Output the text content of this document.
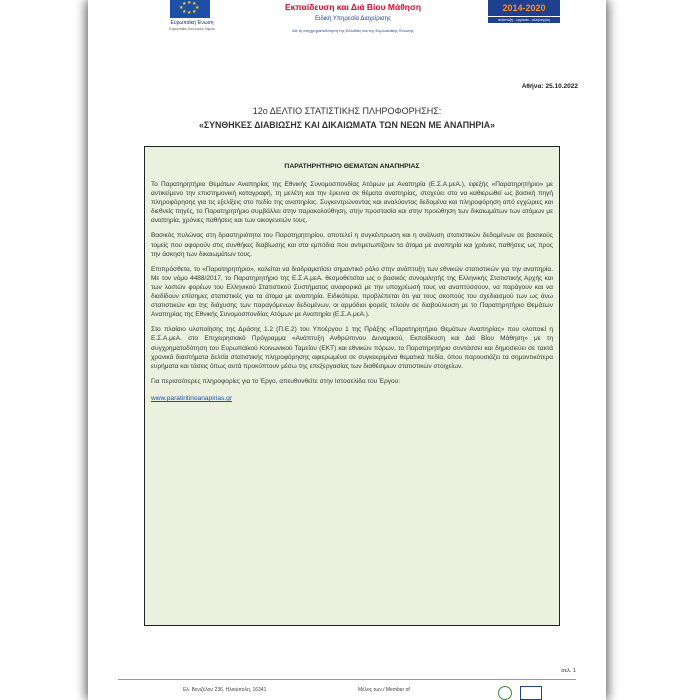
★ ★
★
★
★
★
★
★
Ευρωπαϊκή Ένωση
Ευρωπαϊκό Κοινωνικό Ταμείο
Εκπαίδευση και Διά Βίου Μάθηση
Ειδική Υπηρεσία Διαχείρισης
Με τη συγχρηματοδότηση της Ελλάδας και της Ευρωπαϊκής Ένωσης
2014-2020
ανάπτυξη - εργασία - αλληλεγγύη
Αθήνα: 25.10.2022
12ο ΔΕΛΤΙΟ ΣΤΑΤΙΣΤΙΚΗΣ ΠΛΗΡΟΦΟΡΗΣΗΣ:
«ΣΥΝΘΗΚΕΣ ΔΙΑΒΙΩΣΗΣ ΚΑΙ ΔΙΚΑΙΩΜΑΤΑ ΤΩΝ ΝΕΩΝ ΜΕ ΑΝΑΠΗΡΙΑ»
ΠΑΡΑΤΗΡΗΤΗΡΙΟ ΘΕΜΑΤΩΝ ΑΝΑΠΗΡΙΑΣ

Το Παρατηρητήριο Θεμάτων Αναπηρίας της Εθνικής Συνομοσπονδίας Ατόμων με Αναπηρία (Ε.Σ.Α.μεΑ.), εφεξής «Παρατηρητήριο» με αντικείμενο την επιστημονική καταγραφή, τη μελέτη και την έρευνα σε θέματα αναπηρίας, στοχεύει στο να καθιερωθεί ως βασική πηγή πληροφόρησης για τις εξελίξεις στο πεδίο της αναπηρίας. Συγκεντρώνοντας και αναλύοντας δεδομένα και πληροφόρηση από εγχώριες και διεθνείς πηγές, το Παρατηρητήριο συμβάλλει στην παρακολούθηση, στην προστασία και στην προώθηση των δικαιωμάτων των ατόμων με αναπηρία, χρόνιες παθήσεις και των οικογενειών τους.

Βασικός πυλώνας στη δραστηριότητα του Παρατηρητηρίου, αποτελεί η συγκέντρωση και η ανάλυση στατιστικών δεδομένων σε βασικούς τομείς που αφορούν στις συνθήκες διαβίωσης και στα εμπόδια που αντιμετωπίζουν τα άτομα με αναπηρία και χρόνιες παθήσεις ως προς την άσκηση των δικαιωμάτων τους.

Επιπρόσθετα, το «Παρατηρητήριο», καλείται να διαδραματίσει σημαντικό ρόλο στην ανάπτυξη των εθνικών στατιστικών για την αναπηρία. Με τον νόμο 4488/2017, το Παρατηρητήριο της Ε.Σ.Α.μεΑ. θεσμοθετείται ως ο βασικός συνομιλητής της Ελληνικής Στατιστικής Αρχής και των λοιπών φορέων του Ελληνικού Στατιστικού Συστήματος αναφορικά με την υποχρέωσή τους να αναπτύσσουν, να παράγουν και να διαδίδουν επίσημες στατιστικές για τα άτομα με αναπηρία. Ειδικότερα, προβλέπεται ότι για τους σκοπούς του σχεδιασμού των ως άνω στατιστικών και της διάχυσης των παραγόμενων δεδομένων, οι αρμόδιοι φορείς τελούν σε διαβούλευση με το Παρατηρητήριο Θεμάτων Αναπηρίας της Εθνικής Συνομοσπονδίας Ατόμων με Αναπηρία (Ε.Σ.Α.μεΑ.).

Στο πλαίσιο υλοποίησης της Δράσης 1.2 (Π.Ε.2) του Υποέργου 1 της Πράξης «Παρατηρητήριο Θεμάτων Αναπηρίας» που υλοποιεί η Ε.Σ.Α.μεΑ. στο Επιχειρησιακό Πρόγραμμα «Ανάπτυξη Ανθρώπινου Δυναμικού, Εκπαίδευση και Διά Βίου Μάθηση» με τη συγχρηματοδότηση του Ευρωπαϊκού Κοινωνικού Ταμείου (ΕΚΤ) και εθνικών πόρων, το Παρατηρητήριο συντάσσει και δημοσιεύει σε τακτά χρονικά διαστήματα δελτία στατιστικής πληροφόρησης αφιερωμένα σε συγκεκριμένα θεματικά πεδία, όπου παρουσιάζει τα σημαντικότερα ευρήματα και τάσεις όπως αυτά προκύπτουν μέσω της επεξεργασίας των διαθέσιμων στατιστικών στοιχείων.

Για περισσότερες πληροφορίες για το Έργο, απευθυνθείτε στην Ιστοσελίδα του Έργου:

www.paratiritirioanapirias.gr
σελ. 1
Ελ. Βενιζέλου 236, Ηλιούπολη, 16341	Μέλος των / Member of
